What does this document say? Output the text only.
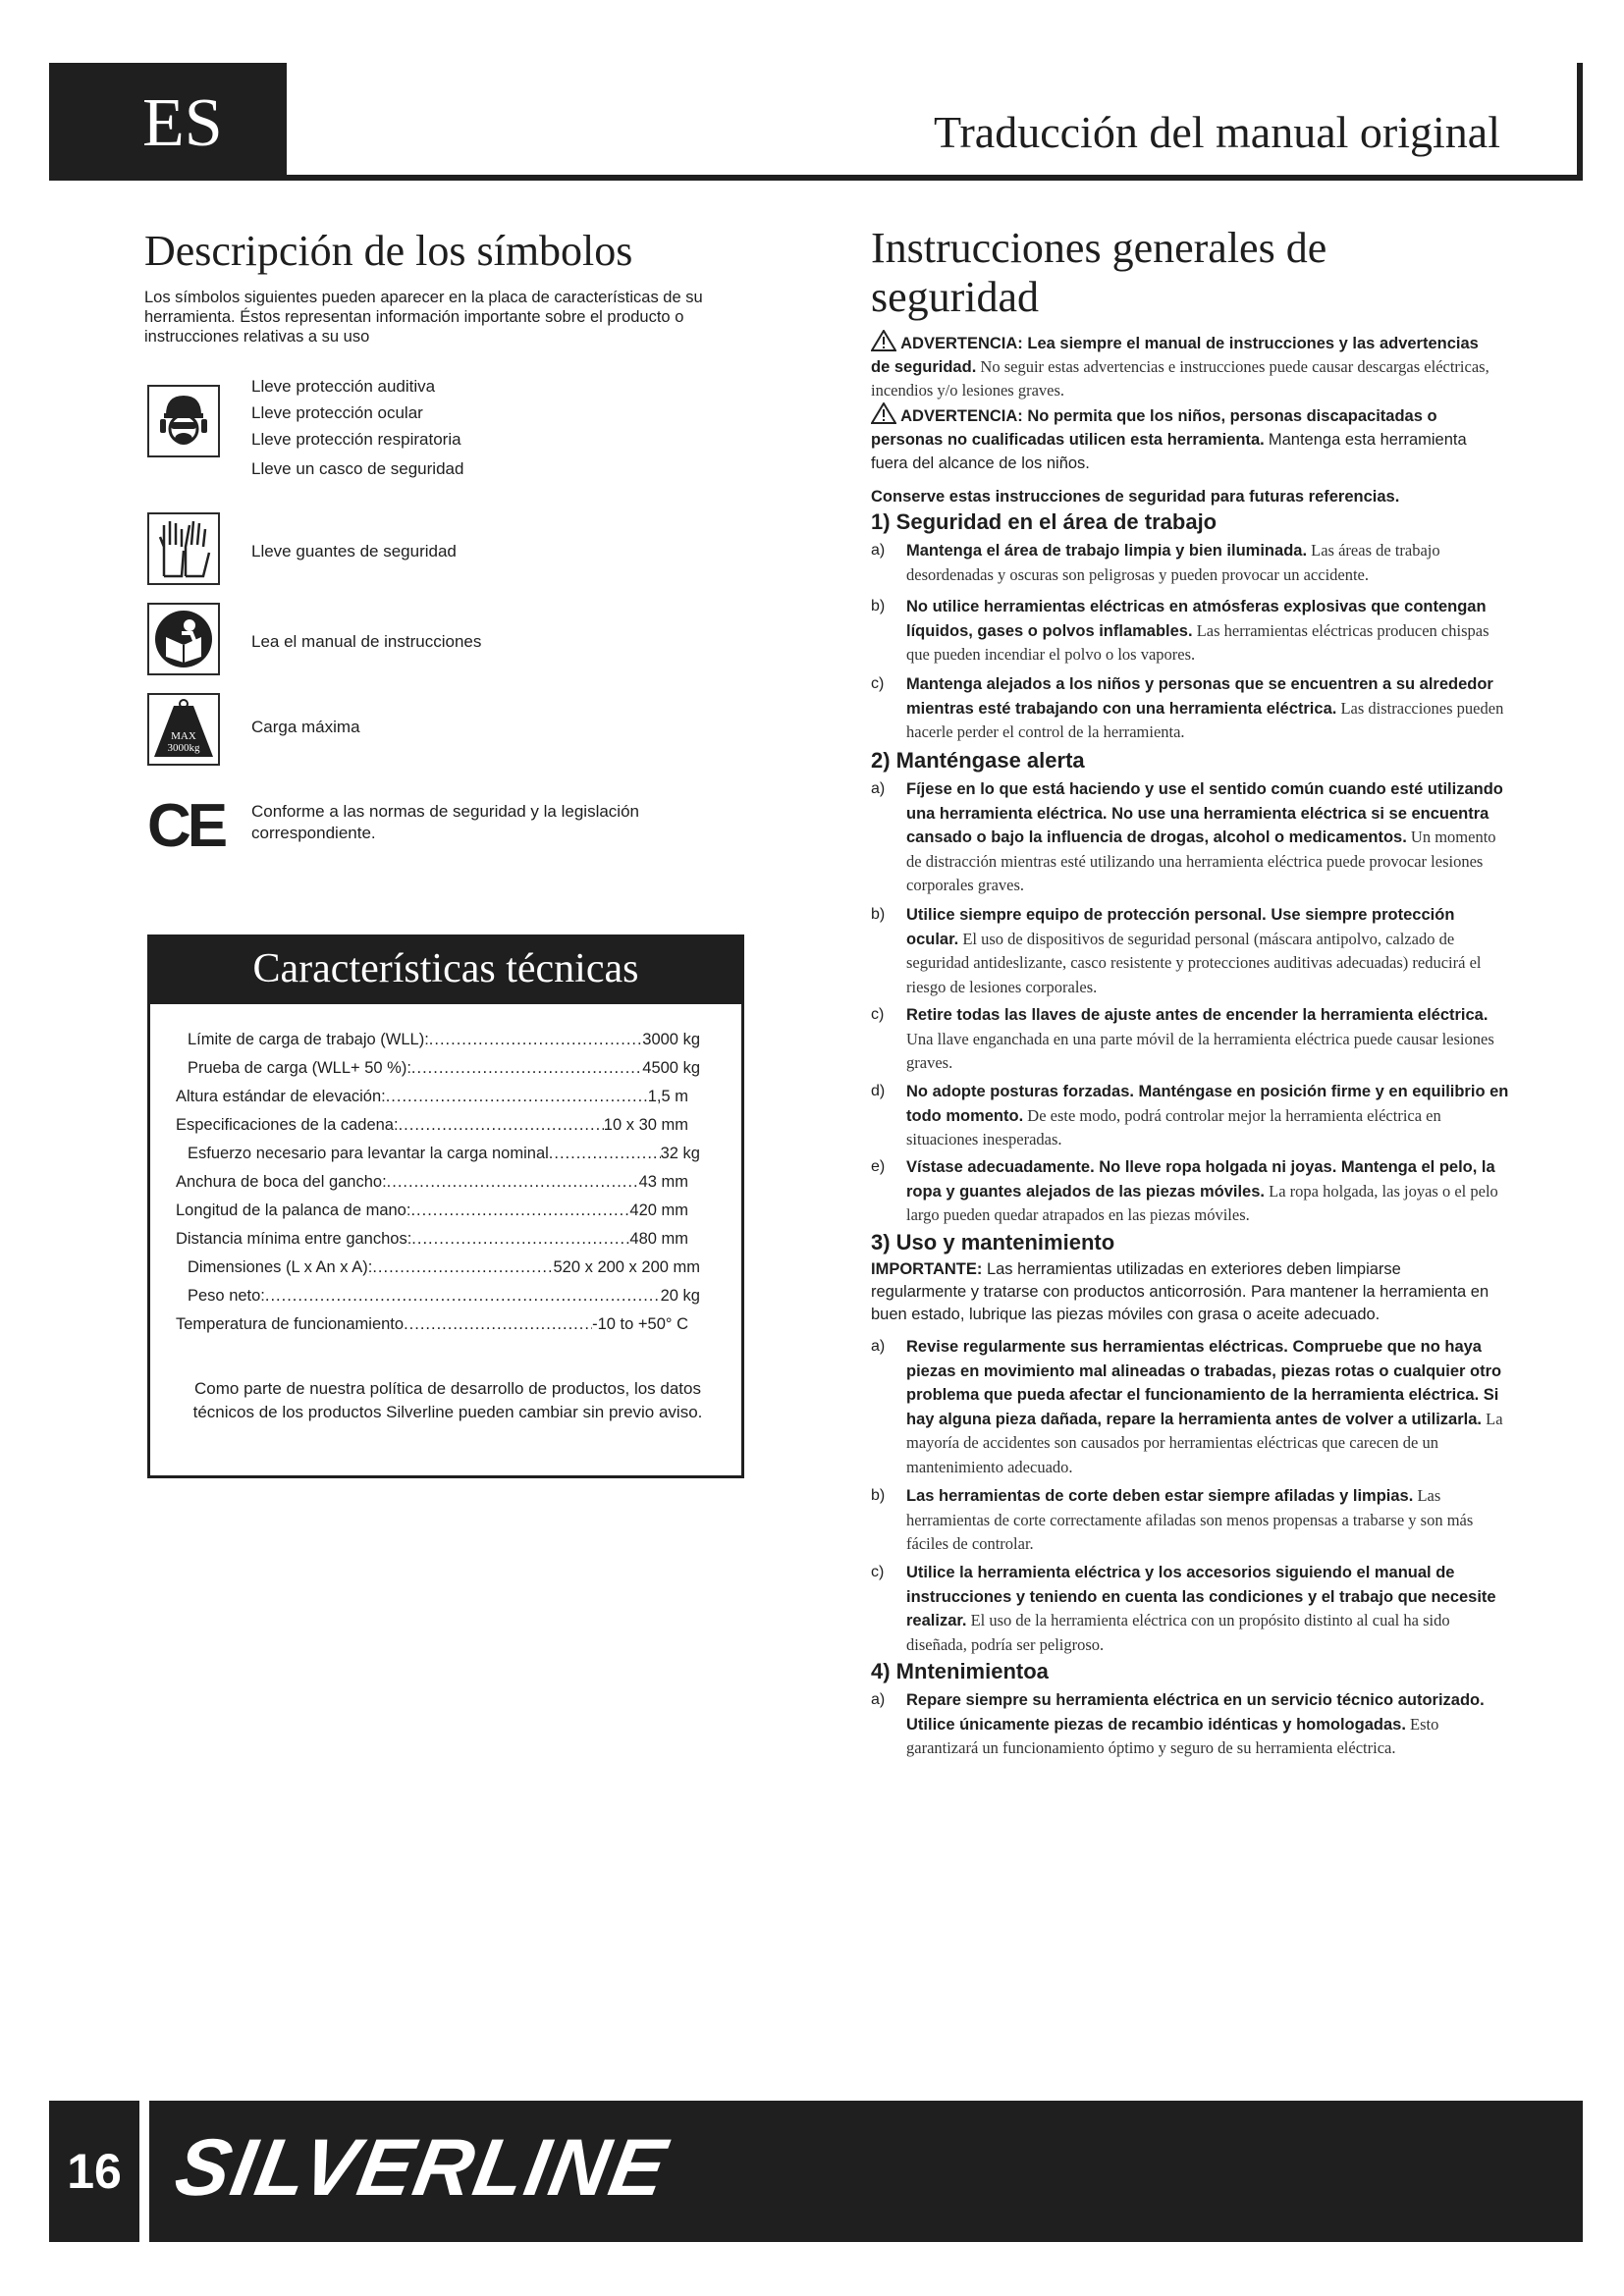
ES	Traducción del manual original
Descripción de los símbolos
Los símbolos siguientes pueden aparecer en la placa de características de su herramienta. Éstos representan información importante sobre el producto o instrucciones relativas a su uso
Lleve protección auditiva
Lleve protección ocular
Lleve protección respiratoria
Lleve un casco de seguridad
Lleve guantes de seguridad
Lea el manual de instrucciones
MAX
3000kg
Carga máxima
CE Conforme a las normas de seguridad y la legislación correspondiente.
Características técnicas
Límite de carga de trabajo (WLL): .....	3000 kg
Prueba de carga (WLL+ 50 %): .....	4500 kg
Altura estándar de elevación: .....	1,5 m
Especificaciones de la cadena: .....	10 x 30 mm
Esfuerzo necesario para levantar la carga nominal .....	32 kg
Anchura de boca del gancho: .....	43 mm
Longitud de la palanca de mano: .....	420 mm
Distancia mínima entre ganchos: .....	480 mm
Dimensiones (L x An x A): .....	520 x 200 x 200 mm
Peso neto: .....	20 kg
Temperatura de funcionamiento .....	-10 to +50° C
Como parte de nuestra política de desarrollo de productos, los datos técnicos de los productos Silverline pueden cambiar sin previo aviso.
Instrucciones generales de seguridad
ADVERTENCIA: Lea siempre el manual de instrucciones y las advertencias de seguridad. No seguir estas advertencias e instrucciones puede causar descargas eléctricas, incendios y/o lesiones graves.
ADVERTENCIA: No permita que los niños, personas discapacitadas o personas no cualificadas utilicen esta herramienta. Mantenga esta herramienta fuera del alcance de los niños.
Conserve estas instrucciones de seguridad para futuras referencias.
1) Seguridad en el área de trabajo
a) Mantenga el área de trabajo limpia y bien iluminada. Las áreas de trabajo desordenadas y oscuras son peligrosas y pueden provocar un accidente.
b) No utilice herramientas eléctricas en atmósferas explosivas que contengan líquidos, gases o polvos inflamables. Las herramientas eléctricas producen chispas que pueden incendiar el polvo o los vapores.
c) Mantenga alejados a los niños y personas que se encuentren a su alrededor mientras esté trabajando con una herramienta eléctrica. Las distracciones pueden hacerle perder el control de la herramienta.
2) Manténgase alerta
a) Fíjese en lo que está haciendo y use el sentido común cuando esté utilizando una herramienta eléctrica. No use una herramienta eléctrica si se encuentra cansado o bajo la influencia de drogas, alcohol o medicamentos. Un momento de distracción mientras esté utilizando una herramienta eléctrica puede provocar lesiones corporales graves.
b) Utilice siempre equipo de protección personal. Use siempre protección ocular. El uso de dispositivos de seguridad personal (máscara antipolvo, calzado de seguridad antideslizante, casco resistente y protecciones auditivas adecuadas) reducirá el riesgo de lesiones corporales.
c) Retire todas las llaves de ajuste antes de encender la herramienta eléctrica. Una llave enganchada en una parte móvil de la herramienta eléctrica puede causar lesiones graves.
d) No adopte posturas forzadas. Manténgase en posición firme y en equilibrio en todo momento. De este modo, podrá controlar mejor la herramienta eléctrica en situaciones inesperadas.
e) Vístase adecuadamente. No lleve ropa holgada ni joyas. Mantenga el pelo, la ropa y guantes alejados de las piezas móviles. La ropa holgada, las joyas o el pelo largo pueden quedar atrapados en las piezas móviles.
3) Uso y mantenimiento
IMPORTANTE: Las herramientas utilizadas en exteriores deben limpiarse regularmente y tratarse con productos anticorrosión. Para mantener la herramienta en buen estado, lubrique las piezas móviles con grasa o aceite adecuado.
a) Revise regularmente sus herramientas eléctricas. Compruebe que no haya piezas en movimiento mal alineadas o trabadas, piezas rotas o cualquier otro problema que pueda afectar el funcionamiento de la herramienta eléctrica. Si hay alguna pieza dañada, repare la herramienta antes de volver a utilizarla. La mayoría de accidentes son causados por herramientas eléctricas que carecen de un mantenimiento adecuado.
b) Las herramientas de corte deben estar siempre afiladas y limpias. Las herramientas de corte correctamente afiladas son menos propensas a trabarse y son más fáciles de controlar.
c) Utilice la herramienta eléctrica y los accesorios siguiendo el manual de instrucciones y teniendo en cuenta las condiciones y el trabajo que necesite realizar. El uso de la herramienta eléctrica con un propósito distinto al cual ha sido diseñada, podría ser peligroso.
4) Mntenimientoa
a) Repare siempre su herramienta eléctrica en un servicio técnico autorizado. Utilice únicamente piezas de recambio idénticas y homologadas. Esto garantizará un funcionamiento óptimo y seguro de su herramienta eléctrica.
16 SILVERLINE
